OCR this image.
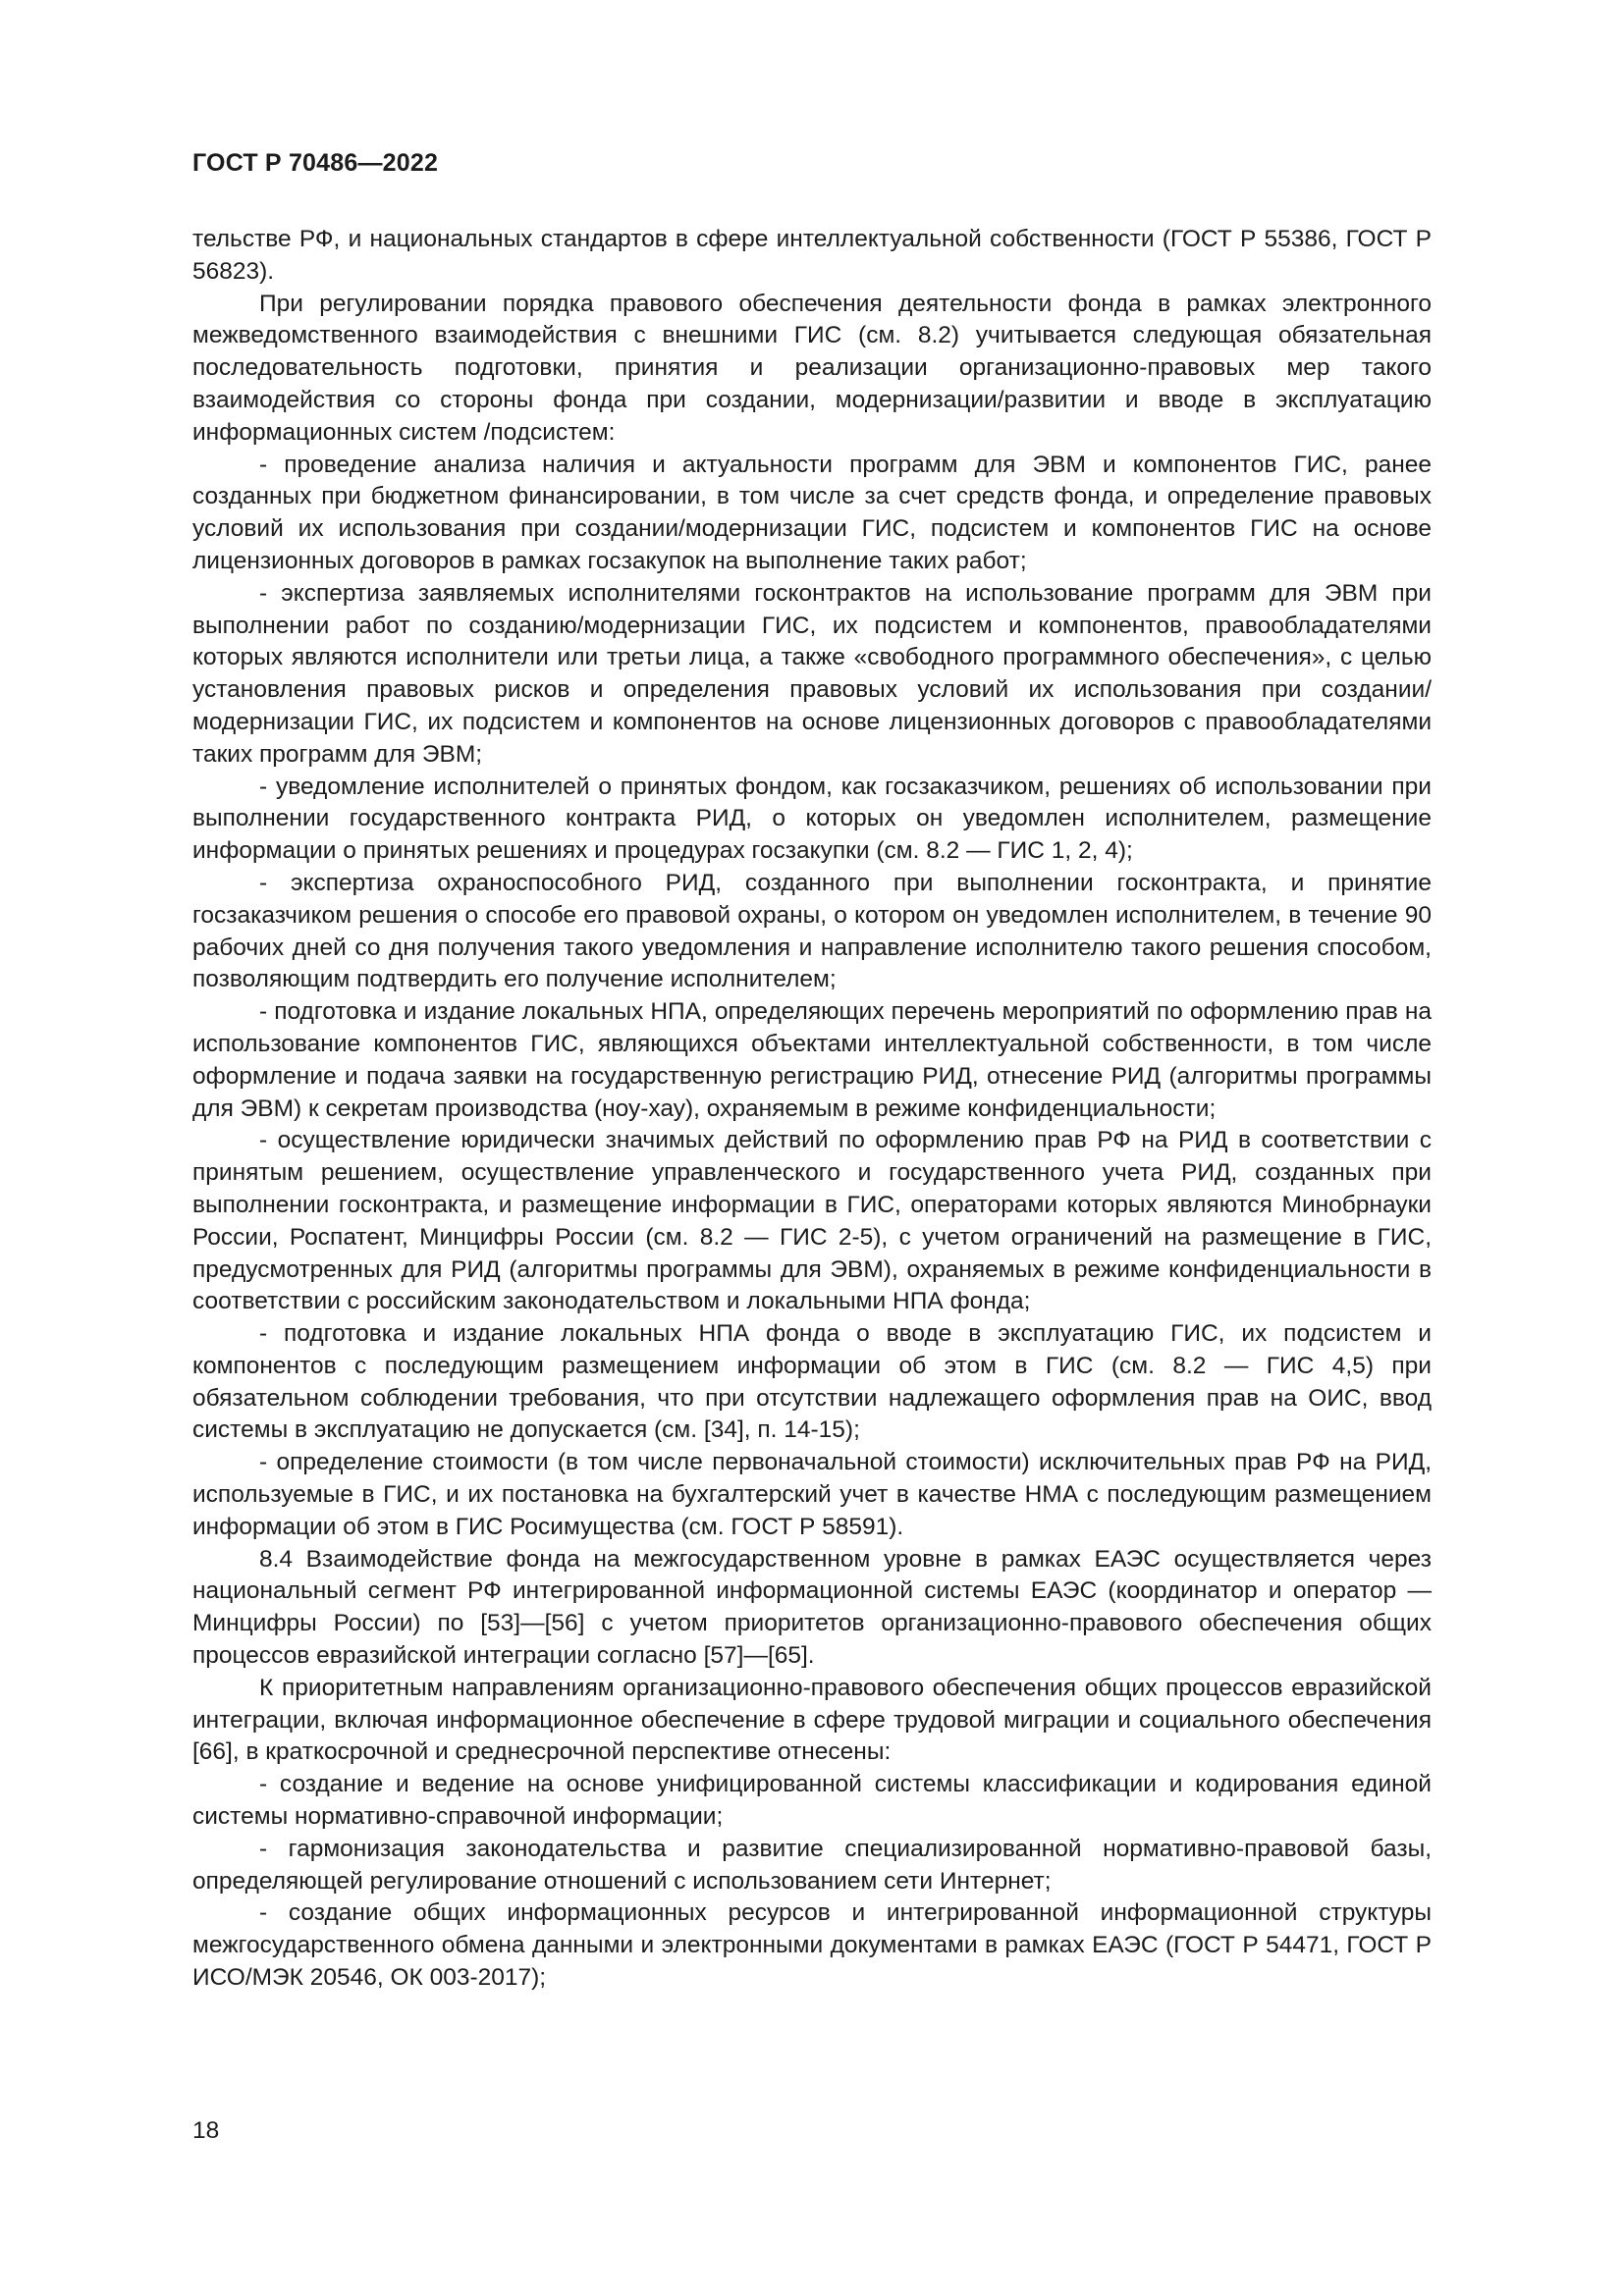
ГОСТ Р 70486—2022

тельстве РФ, и национальных стандартов в сфере интеллектуальной собственности (ГОСТ Р 55386, ГОСТ Р 56823).

При регулировании порядка правового обеспечения деятельности фонда в рамках электронного межведомственного взаимодействия с внешними ГИС (см. 8.2) учитывается следующая обязательная последовательность подготовки, принятия и реализации организационно-правовых мер такого взаимодействия со стороны фонда при создании, модернизации/развитии и вводе в эксплуатацию информационных систем /подсистем:

- проведение анализа наличия и актуальности программ для ЭВМ и компонентов ГИС, ранее созданных при бюджетном финансировании, в том числе за счет средств фонда, и определение правовых условий их использования при создании/модернизации ГИС, подсистем и компонентов ГИС на основе лицензионных договоров в рамках госзакупок на выполнение таких работ;

- экспертиза заявляемых исполнителями госконтрактов на использование программ для ЭВМ при выполнении работ по созданию/модернизации ГИС, их подсистем и компонентов, правообладателями которых являются исполнители или третьи лица, а также «свободного программного обеспечения», с целью установления правовых рисков и определения правовых условий их использования при создании/модернизации ГИС, их подсистем и компонентов на основе лицензионных договоров с правообладателями таких программ для ЭВМ;

- уведомление исполнителей о принятых фондом, как госзаказчиком, решениях об использовании при выполнении государственного контракта РИД, о которых он уведомлен исполнителем, размещение информации о принятых решениях и процедурах госзакупки (см. 8.2 — ГИС 1, 2, 4);

- экспертиза охраноспособного РИД, созданного при выполнении госконтракта, и принятие госзаказчиком решения о способе его правовой охраны, о котором он уведомлен исполнителем, в течение 90 рабочих дней со дня получения такого уведомления и направление исполнителю такого решения способом, позволяющим подтвердить его получение исполнителем;

- подготовка и издание локальных НПА, определяющих перечень мероприятий по оформлению прав на использование компонентов ГИС, являющихся объектами интеллектуальной собственности, в том числе оформление и подача заявки на государственную регистрацию РИД, отнесение РИД (алгоритмы программы для ЭВМ) к секретам производства (ноу-хау), охраняемым в режиме конфиденциальности;

- осуществление юридически значимых действий по оформлению прав РФ на РИД в соответствии с принятым решением, осуществление управленческого и государственного учета РИД, созданных при выполнении госконтракта, и размещение информации в ГИС, операторами которых являются Минобрнауки России, Роспатент, Минцифры России (см. 8.2 — ГИС 2-5), с учетом ограничений на размещение в ГИС, предусмотренных для РИД (алгоритмы программы для ЭВМ), охраняемых в режиме конфиденциальности в соответствии с российским законодательством и локальными НПА фонда;

- подготовка и издание локальных НПА фонда о вводе в эксплуатацию ГИС, их подсистем и компонентов с последующим размещением информации об этом в ГИС (см. 8.2 — ГИС 4,5) при обязательном соблюдении требования, что при отсутствии надлежащего оформления прав на ОИС, ввод системы в эксплуатацию не допускается (см. [34], п. 14-15);

- определение стоимости (в том числе первоначальной стоимости) исключительных прав РФ на РИД, используемые в ГИС, и их постановка на бухгалтерский учет в качестве НМА с последующим размещением информации об этом в ГИС Росимущества (см. ГОСТ Р 58591).

8.4 Взаимодействие фонда на межгосударственном уровне в рамках ЕАЭС осуществляется через национальный сегмент РФ интегрированной информационной системы ЕАЭС (координатор и оператор — Минцифры России) по [53]—[56] с учетом приоритетов организационно-правового обеспечения общих процессов евразийской интеграции согласно [57]—[65].

К приоритетным направлениям организационно-правового обеспечения общих процессов евразийской интеграции, включая информационное обеспечение в сфере трудовой миграции и социального обеспечения [66], в краткосрочной и среднесрочной перспективе отнесены:

- создание и ведение на основе унифицированной системы классификации и кодирования единой системы нормативно-справочной информации;

- гармонизация законодательства и развитие специализированной нормативно-правовой базы, определяющей регулирование отношений с использованием сети Интернет;

- создание общих информационных ресурсов и интегрированной информационной структуры межгосударственного обмена данными и электронными документами в рамках ЕАЭС (ГОСТ Р 54471, ГОСТ Р ИСО/МЭК 20546, ОК 003-2017);

18
